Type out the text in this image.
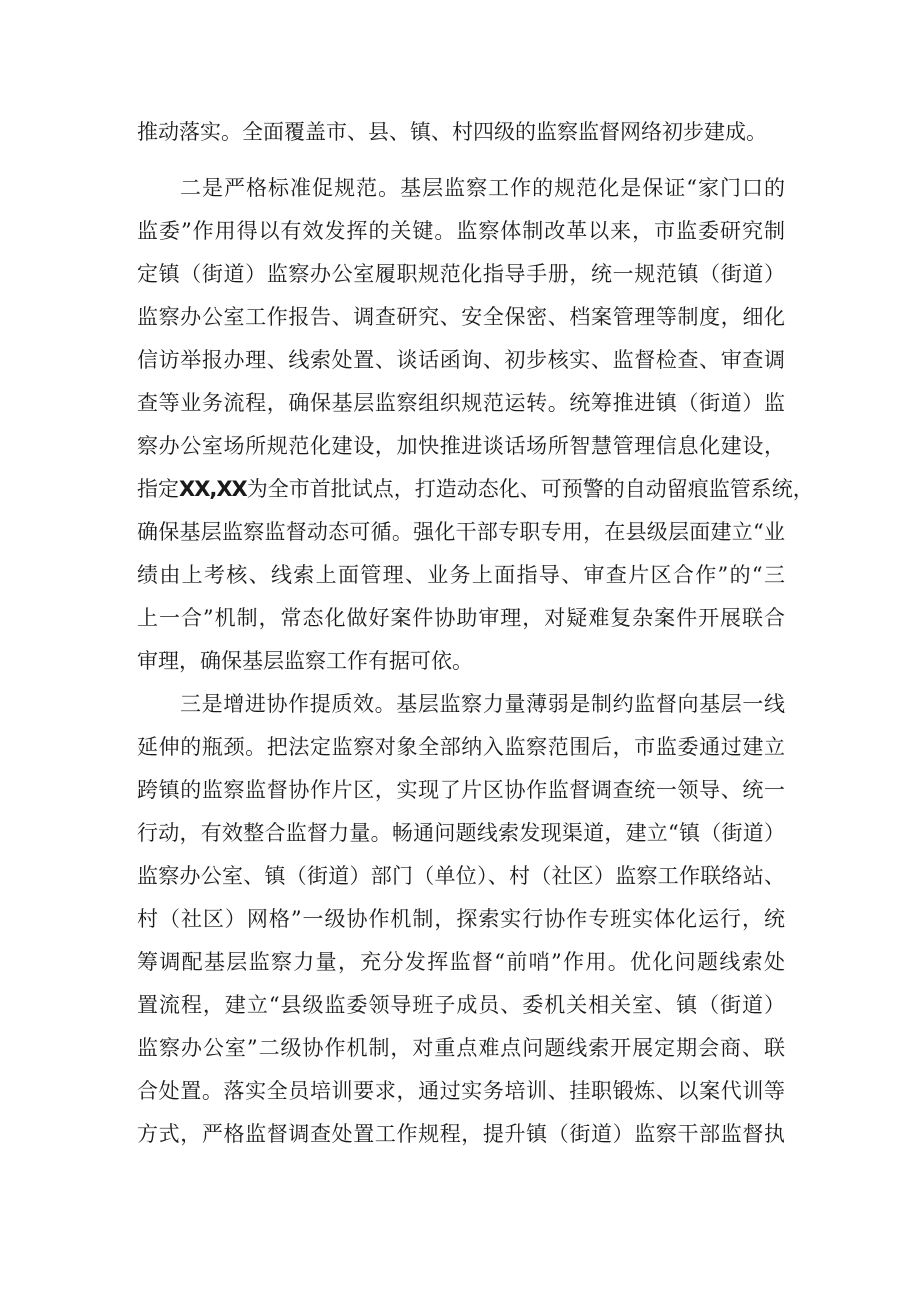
推动落实。全面覆盖市、县、镇、村四级的监察监督网络初步建成。
二是严格标准促规范。基层监察工作的规范化是保证“家门口的
监委”作用得以有效发挥的关键。监察体制改革以来，市监委研究制
定镇（街道）监察办公室履职规范化指导手册，统一规范镇（街道）
监察办公室工作报告、调查研究、安全保密、档案管理等制度，细化
信访举报办理、线索处置、谈话函询、初步核实、监督检查、审查调
查等业务流程，确保基层监察组织规范运转。统筹推进镇（街道）监
察办公室场所规范化建设，加快推进谈话场所智慧管理信息化建设，
指定XX,XX为全市首批试点，打造动态化、可预警的自动留痕监管系统，
确保基层监察监督动态可循。强化干部专职专用，在县级层面建立“业
绩由上考核、线索上面管理、业务上面指导、审查片区合作”的“三
上一合”机制，常态化做好案件协助审理，对疑难复杂案件开展联合
审理，确保基层监察工作有据可依。
三是增进协作提质效。基层监察力量薄弱是制约监督向基层一线
延伸的瓶颈。把法定监察对象全部纳入监察范围后，市监委通过建立
跨镇的监察监督协作片区，实现了片区协作监督调查统一领导、统一
行动，有效整合监督力量。畅通问题线索发现渠道，建立“镇（街道）
监察办公室、镇（街道）部门（单位）、村（社区）监察工作联络站、
村（社区）网格”一级协作机制，探索实行协作专班实体化运行，统
筹调配基层监察力量，充分发挥监督“前哨”作用。优化问题线索处
置流程，建立“县级监委领导班子成员、委机关相关室、镇（街道）
监察办公室”二级协作机制，对重点难点问题线索开展定期会商、联
合处置。落实全员培训要求，通过实务培训、挂职锻炼、以案代训等
方式，严格监督调查处置工作规程，提升镇（街道）监察干部监督执
